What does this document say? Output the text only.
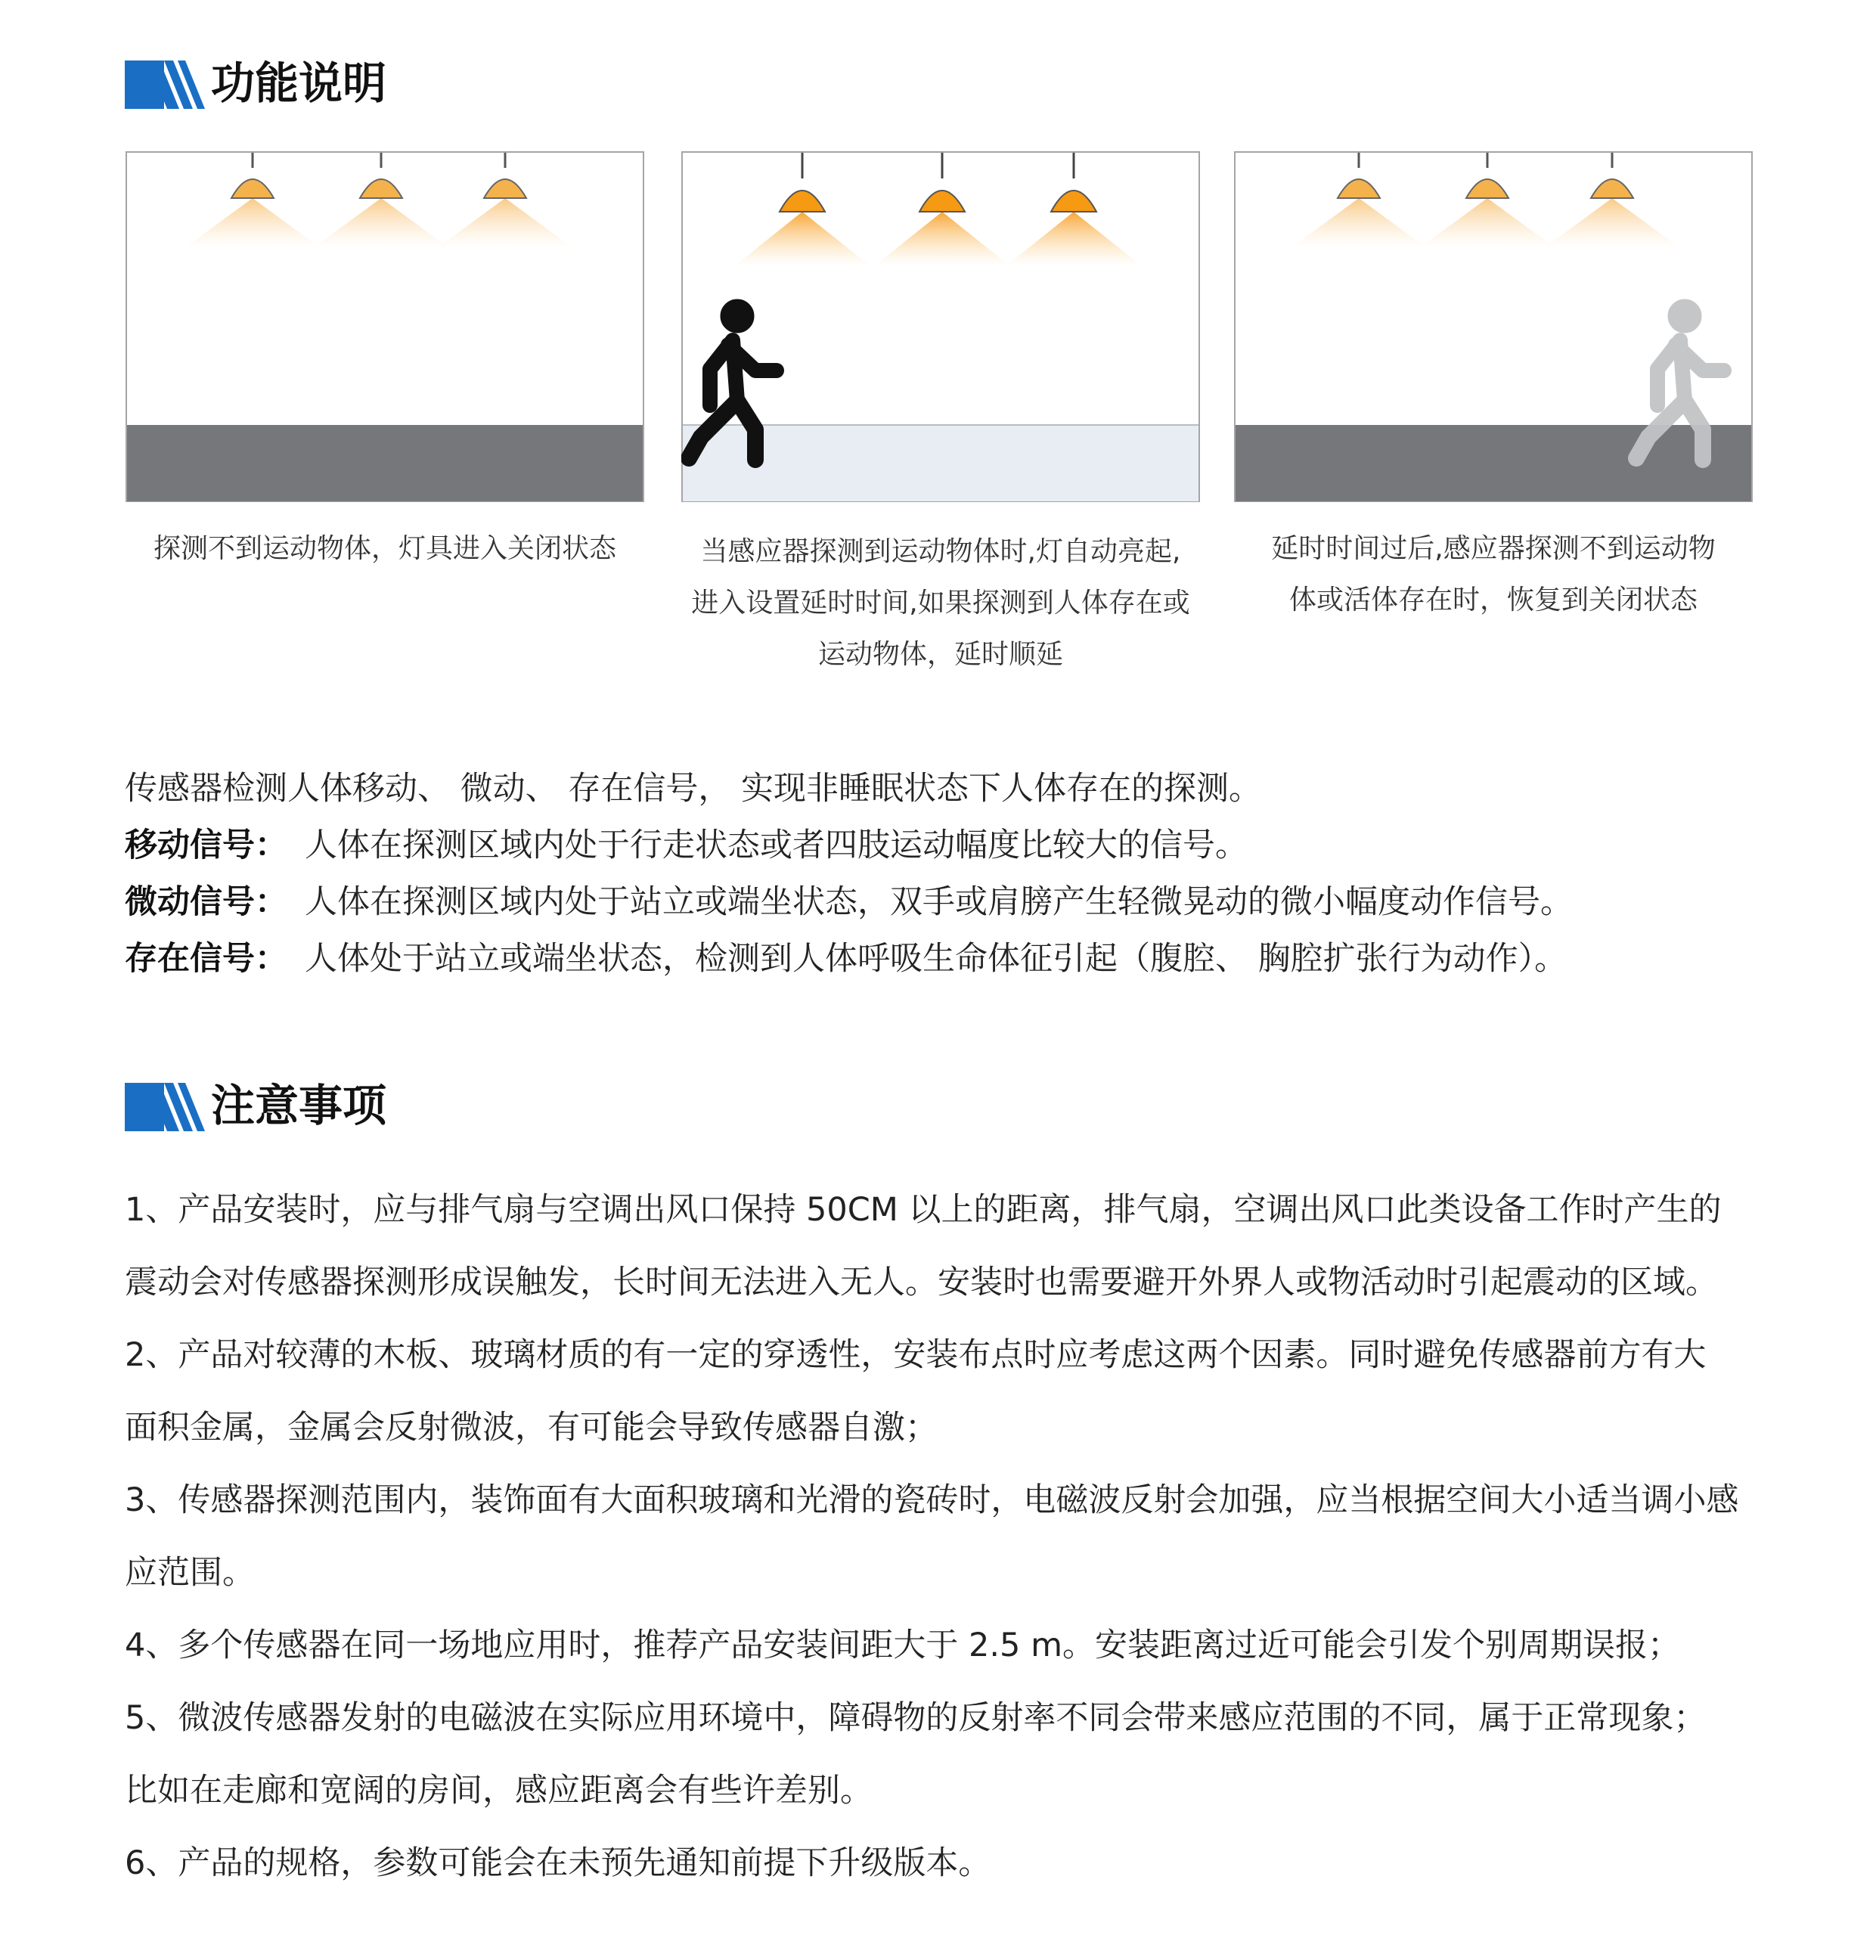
功能说明
探测不到运动物体，灯具进入关闭状态	当感应器探测到运动物体时,灯自动亮起,
进入设置延时时间,如果探测到人体存在或
运动物体，延时顺延
延时时间过后,感应器探测不到运动物
体或活体存在时，恢复到关闭状态
传感器检测人体移动、 微动、 存在信号， 实现非睡眠状态下人体存在的探测。
移动信号： 人体在探测区域内处于行走状态或者四肢运动幅度比较大的信号。
微动信号： 人体在探测区域内处于站立或端坐状态，双手或肩膀产生轻微晃动的微小幅度动作信号。
存在信号： 人体处于站立或端坐状态，检测到人体呼吸生命体征引起（腹腔、 胸腔扩张行为动作）。
注意事项
1、产品安装时，应与排气扇与空调出风口保持 50CM 以上的距离，排气扇，空调出风口此类设备工作时产生的
震动会对传感器探测形成误触发，长时间无法进入无人。安装时也需要避开外界人或物活动时引起震动的区域。
2、产品对较薄的木板、玻璃材质的有一定的穿透性，安装布点时应考虑这两个因素。同时避免传感器前方有大
面积金属，金属会反射微波，有可能会导致传感器自激；
3、传感器探测范围内，装饰面有大面积玻璃和光滑的瓷砖时，电磁波反射会加强，应当根据空间大小适当调小感
应范围。
4、多个传感器在同一场地应用时，推荐产品安装间距大于 2.5 m。安装距离过近可能会引发个别周期误报；
5、微波传感器发射的电磁波在实际应用环境中，障碍物的反射率不同会带来感应范围的不同，属于正常现象；
比如在走廊和宽阔的房间，感应距离会有些许差别。
6、产品的规格，参数可能会在未预先通知前提下升级版本。
